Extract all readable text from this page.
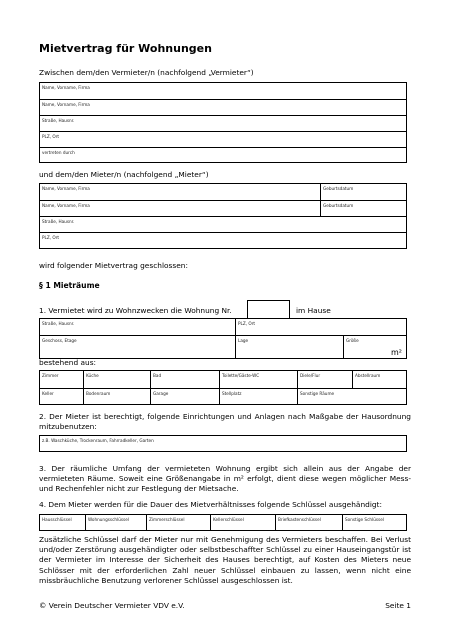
Mietvertrag für Wohnungen
Zwischen dem/den Vermieter/n (nachfolgend „Vermieter“)
Name, Vorname, Firma
Name, Vorname, Firma
Straße, Hausnr.
PLZ, Ort
vertreten durch
und dem/den Mieter/n (nachfolgend „Mieter“)
Name, Vorname, Firma	Geburtsdatum
Name, Vorname, Firma	Geburtsdatum
Straße, Hausnr.
PLZ, Ort
wird folgender Mietvertrag geschlossen:
§ 1 Mieträume
1. Vermietet wird zu Wohnzwecken die Wohnung Nr.	im Hause
Straße, Hausnr.	PLZ, Ort
Geschoss, Etage	Lage	Größe
m²
bestehend aus:
Zimmer	Küche	Bad	Toilette/Gäste-WC	Diele/Flur	Abstellraum
Keller	Bodenraum	Garage	Stellplatz	Sonstige Räume
2. Der Mieter ist berechtigt, folgende Einrichtungen und Anlagen nach Maßgabe der Hausordnung mitzubenutzen:
z.B. Waschküche, Trockenraum, Fahrradkeller, Garten
3. Der räumliche Umfang der vermieteten Wohnung ergibt sich allein aus der Angabe der vermieteten Räume. Soweit eine Größenangabe in m² erfolgt, dient diese wegen möglicher Mess- und Rechenfehler nicht zur Festlegung der Mietsache.
4. Dem Mieter werden für die Dauer des Mietverhältnisses folgende Schlüssel ausgehändigt:
Hausschlüssel	Wohnungsschlüssel	Zimmerschlüssel	Kellerschlüssel	Briefkastenschlüssel	Sonstige Schlüssel
Zusätzliche Schlüssel darf der Mieter nur mit Genehmigung des Vermieters beschaffen. Bei Verlust und/oder Zerstörung ausgehändigter oder selbstbeschaffter Schlüssel zu einer Hauseingangstür ist der Vermieter im Interesse der Sicherheit des Hauses berechtigt, auf Kosten des Mieters neue Schlösser mit der erforderlichen Zahl neuer Schlüssel einbauen zu lassen, wenn nicht eine missbräuchliche Benutzung verlorener Schlüssel ausgeschlossen ist.
© Verein Deutscher Vermieter VDV e.V.	Seite 1
